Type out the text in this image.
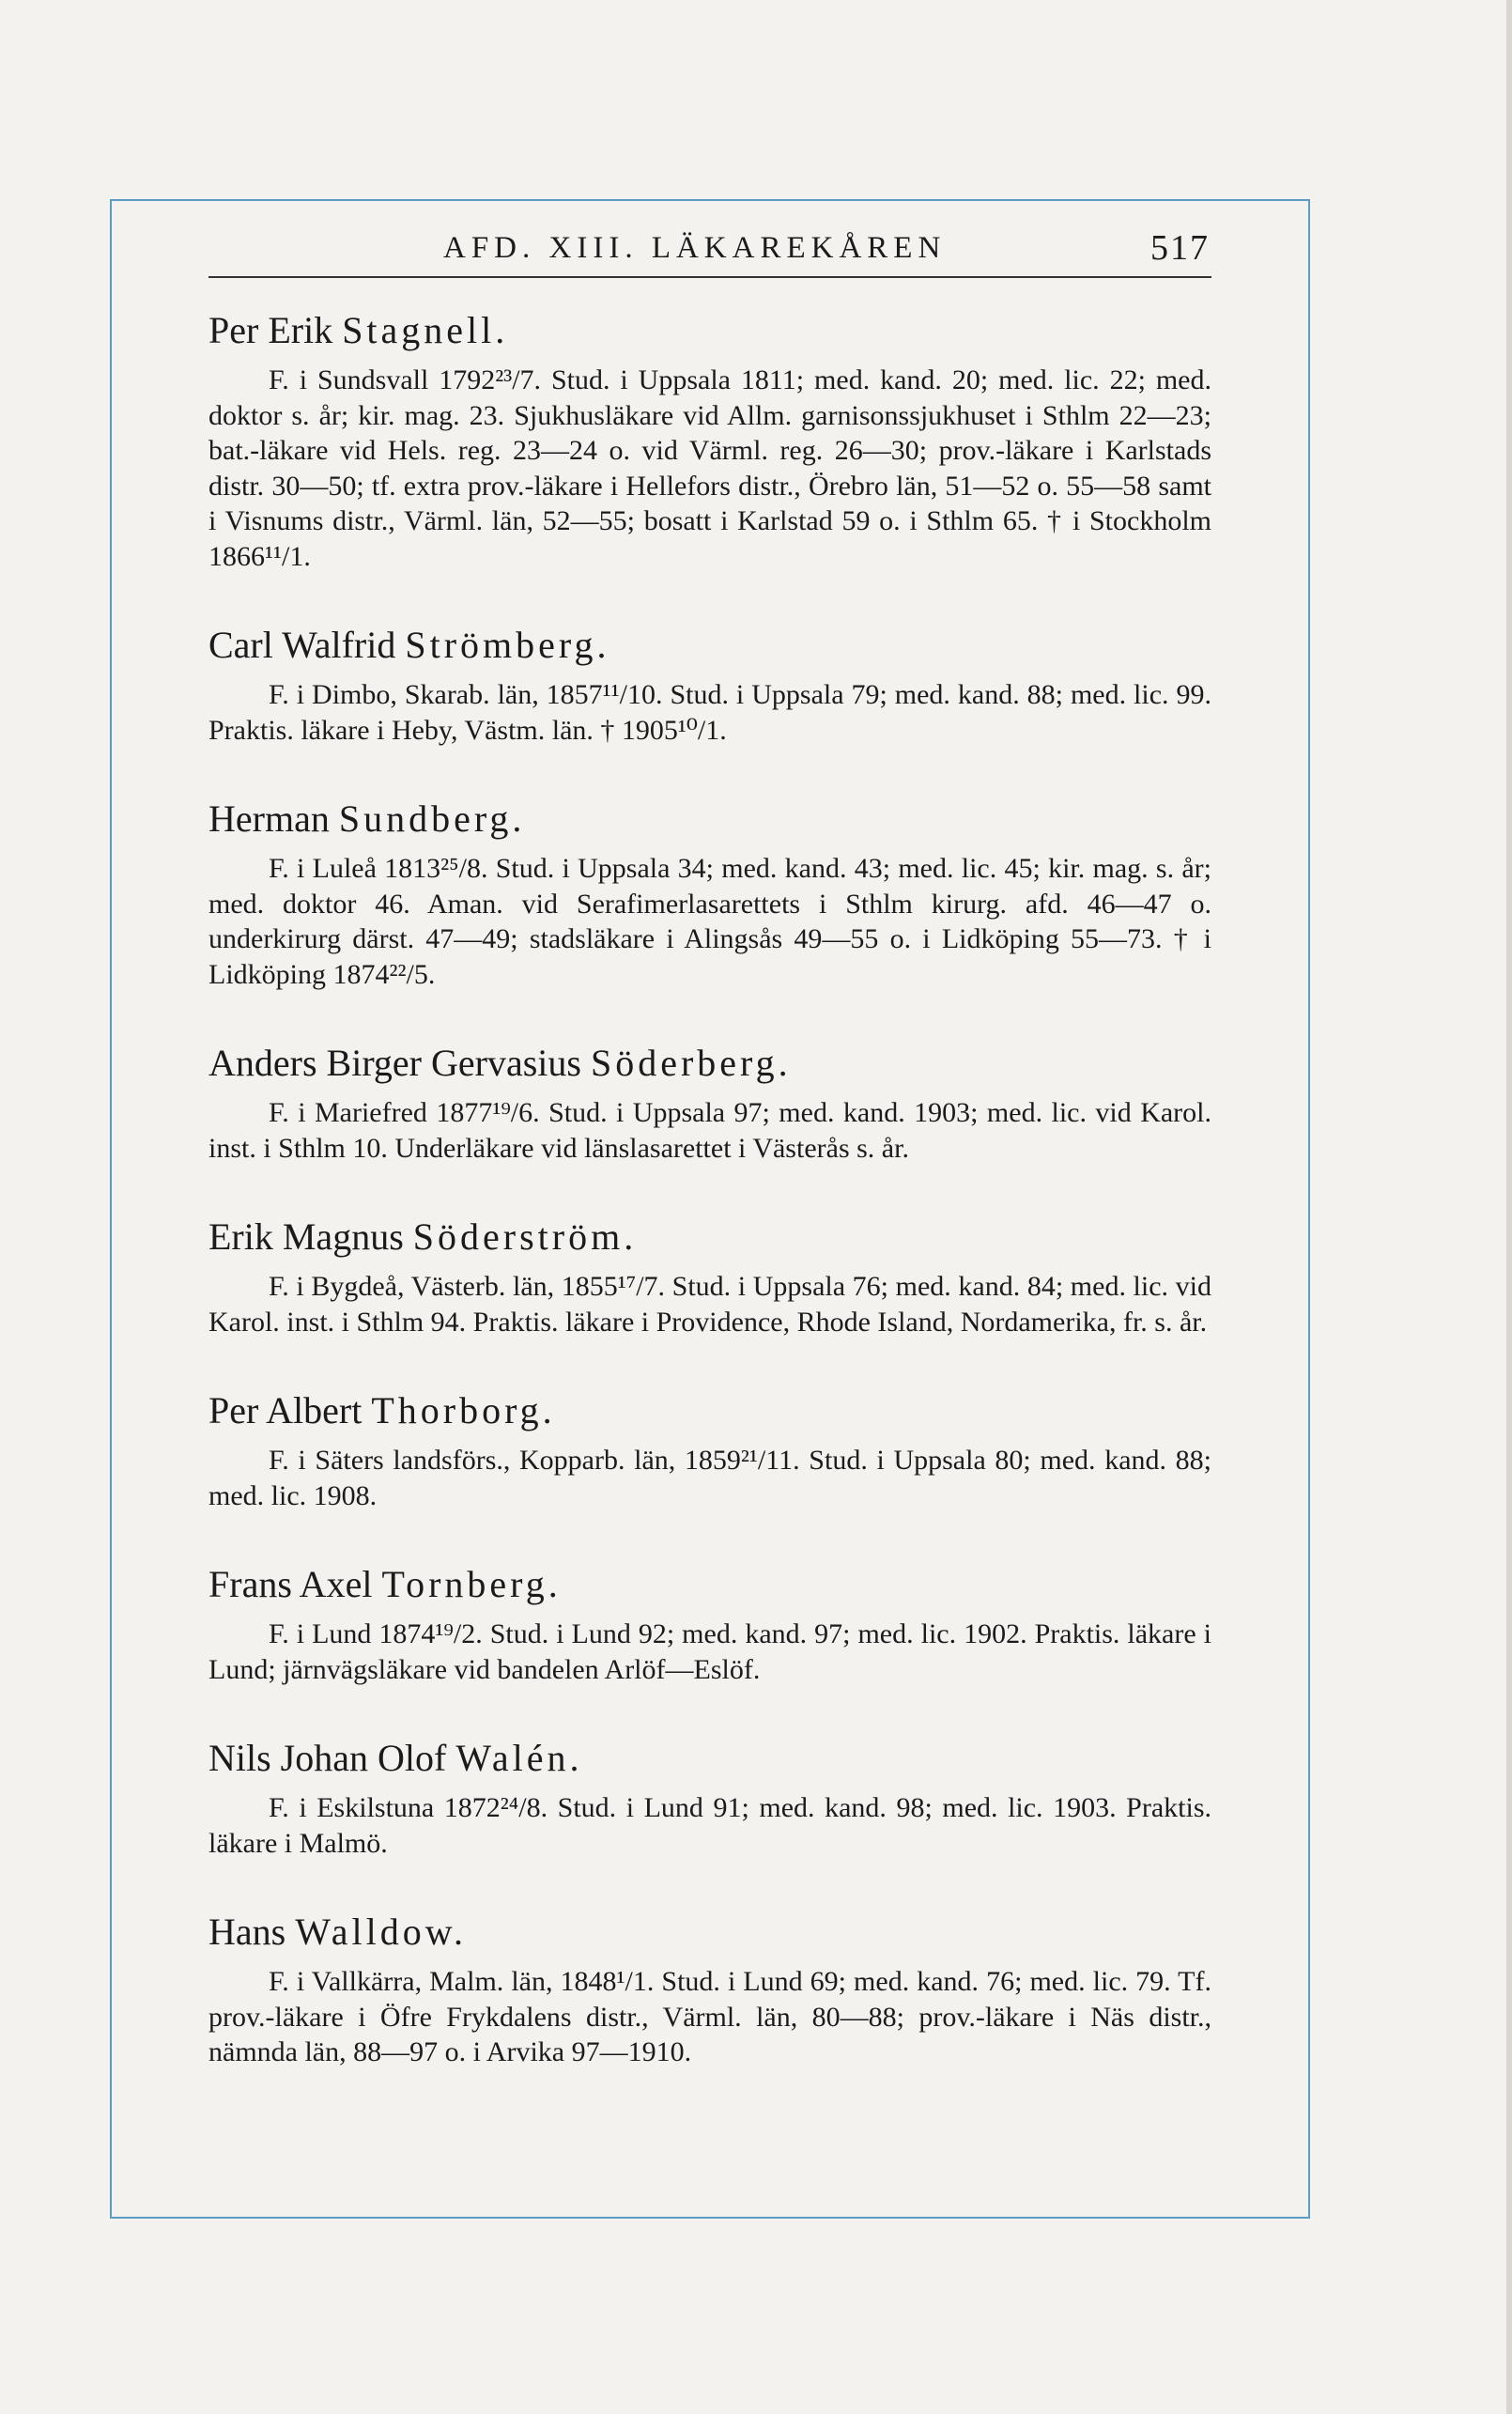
AFD. XIII. LÄKAREKÅREN	517
Per Erik Stagnell.

F. i Sundsvall 1792²³/7. Stud. i Uppsala 1811; med. kand. 20; med. lic. 22; med. doktor s. år; kir. mag. 23. Sjukhusläkare vid Allm. garnisonssjukhuset i Sthlm 22—23; bat.-läkare vid Hels. reg. 23—24 o. vid Värml. reg. 26—30; prov.-läkare i Karlstads distr. 30—50; tf. extra prov.-läkare i Hellefors distr., Örebro län, 51—52 o. 55—58 samt i Visnums distr., Värml. län, 52—55; bosatt i Karlstad 59 o. i Sthlm 65. † i Stockholm 1866¹¹/1.

Carl Walfrid Strömberg.

F. i Dimbo, Skarab. län, 1857¹¹/10. Stud. i Uppsala 79; med. kand. 88; med. lic. 99. Praktis. läkare i Heby, Västm. län. † 1905¹⁰/1.

Herman Sundberg.

F. i Luleå 1813²⁵/8. Stud. i Uppsala 34; med. kand. 43; med. lic. 45; kir. mag. s. år; med. doktor 46. Aman. vid Serafimerlasarettets i Sthlm kirurg. afd. 46—47 o. underkirurg därst. 47—49; stadsläkare i Alingsås 49—55 o. i Lidköping 55—73. † i Lidköping 1874²²/5.

Anders Birger Gervasius Söderberg.

F. i Mariefred 1877¹⁹/6. Stud. i Uppsala 97; med. kand. 1903; med. lic. vid Karol. inst. i Sthlm 10. Underläkare vid länslasarettet i Västerås s. år.

Erik Magnus Söderström.

F. i Bygdeå, Västerb. län, 1855¹⁷/7. Stud. i Uppsala 76; med. kand. 84; med. lic. vid Karol. inst. i Sthlm 94. Praktis. läkare i Providence, Rhode Island, Nordamerika, fr. s. år.

Per Albert Thorborg.

F. i Säters landsförs., Kopparb. län, 1859²¹/11. Stud. i Uppsala 80; med. kand. 88; med. lic. 1908.

Frans Axel Tornberg.

F. i Lund 1874¹⁹/2. Stud. i Lund 92; med. kand. 97; med. lic. 1902. Praktis. läkare i Lund; järnvägsläkare vid bandelen Arlöf—Eslöf.

Nils Johan Olof Walén.

F. i Eskilstuna 1872²⁴/8. Stud. i Lund 91; med. kand. 98; med. lic. 1903. Praktis. läkare i Malmö.

Hans Walldow.

F. i Vallkärra, Malm. län, 1848¹/1. Stud. i Lund 69; med. kand. 76; med. lic. 79. Tf. prov.-läkare i Öfre Frykdalens distr., Värml. län, 80—88; prov.-läkare i Näs distr., nämnda län, 88—97 o. i Arvika 97—1910.
